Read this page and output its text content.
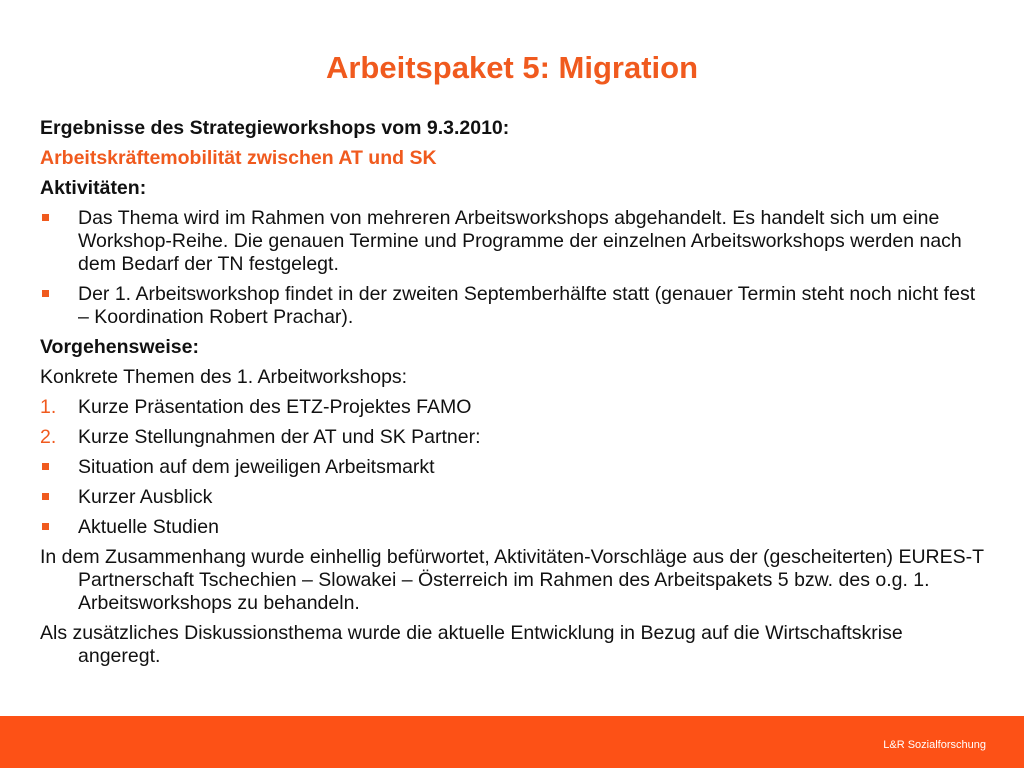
Arbeitspaket 5: Migration

Ergebnisse des Strategieworkshops vom 9.3.2010:

Arbeitskräftemobilität zwischen AT und SK

Aktivitäten:

Das Thema wird im Rahmen von mehreren Arbeitsworkshops abgehandelt. Es handelt sich um eine Workshop-Reihe. Die genauen Termine und Programme der einzelnen Arbeitsworkshops werden nach dem Bedarf der TN festgelegt.
Der 1. Arbeitsworkshop findet in der zweiten Septemberhälfte statt (genauer Termin steht noch nicht fest – Koordination Robert Prachar).

Vorgehensweise:

Konkrete Themen des 1. Arbeitworkshops:

1. Kurze Präsentation des ETZ-Projektes FAMO
2. Kurze Stellungnahmen der AT und SK Partner:
Situation auf dem jeweiligen Arbeitsmarkt
Kurzer Ausblick
Aktuelle Studien

In dem Zusammenhang wurde einhellig befürwortet, Aktivitäten-Vorschläge aus der (gescheiterten) EURES-T Partnerschaft Tschechien – Slowakei – Österreich im Rahmen des Arbeitspakets 5 bzw. des o.g. 1. Arbeitsworkshops zu behandeln.

Als zusätzliches Diskussionsthema wurde die aktuelle Entwicklung in Bezug auf die Wirtschaftskrise angeregt.

L&R Sozialforschung
